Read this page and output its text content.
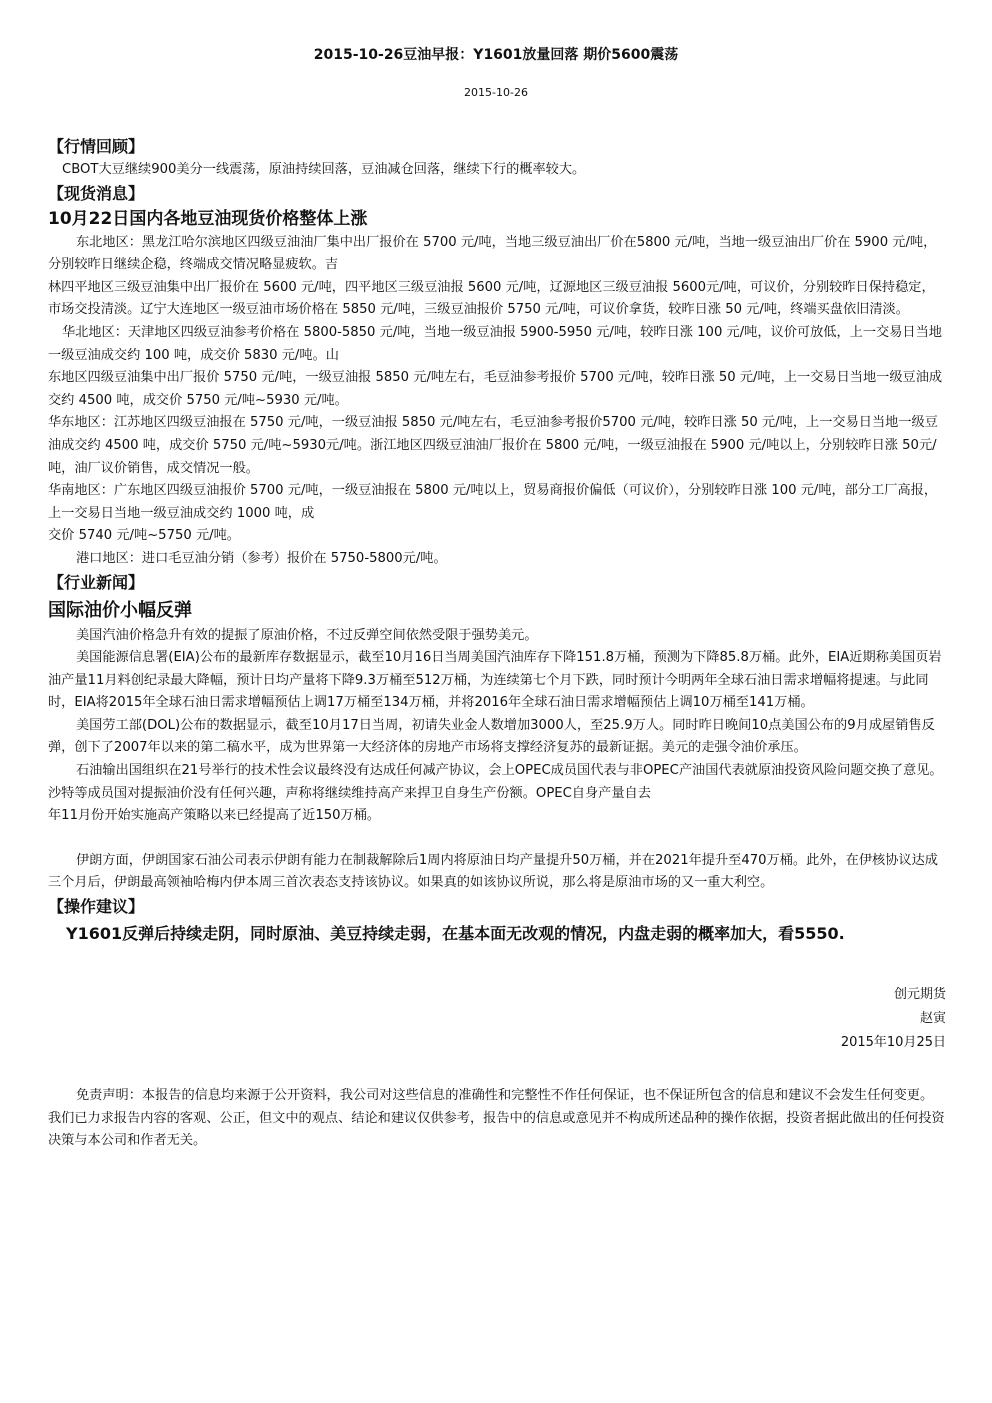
2015-10-26豆油早报：Y1601放量回落 期价5600震荡
2015-10-26
【行情回顾】

CBOT大豆继续900美分一线震荡，原油持续回落，豆油减仓回落，继续下行的概率较大。

【现货消息】
10月22日国内各地豆油现货价格整体上涨

东北地区：黑龙江哈尔滨地区四级豆油油厂集中出厂报价在 5700 元/吨，当地三级豆油出厂价在5800 元/吨，当地一级豆油出厂价在 5900 元/吨，分别较昨日继续企稳，终端成交情况略显疲软。吉

林四平地区三级豆油集中出厂报价在 5600 元/吨，四平地区三级豆油报 5600 元/吨，辽源地区三级豆油报 5600元/吨，可议价，分别较昨日保持稳定，市场交投清淡。辽宁大连地区一级豆油市场价格在 5850 元/吨，三级豆油报价 5750 元/吨，可议价拿货，较昨日涨 50 元/吨，终端买盘依旧清淡。

华北地区：天津地区四级豆油参考价格在 5800-5850 元/吨，当地一级豆油报 5900-5950 元/吨，较昨日涨 100 元/吨，议价可放低，上一交易日当地一级豆油成交约 100 吨，成交价 5830 元/吨。山

东地区四级豆油集中出厂报价 5750 元/吨，一级豆油报 5850 元/吨左右，毛豆油参考报价 5700 元/吨，较昨日涨 50 元/吨，上一交易日当地一级豆油成交约 4500 吨，成交价 5750 元/吨~5930 元/吨。

华东地区：江苏地区四级豆油报在 5750 元/吨，一级豆油报 5850 元/吨左右，毛豆油参考报价5700 元/吨，较昨日涨 50 元/吨，上一交易日当地一级豆油成交约 4500 吨，成交价 5750 元/吨~5930元/吨。浙江地区四级豆油油厂报价在 5800 元/吨，一级豆油报在 5900 元/吨以上，分别较昨日涨 50元/吨，油厂议价销售，成交情况一般。

华南地区：广东地区四级豆油报价 5700 元/吨，一级豆油报在 5800 元/吨以上，贸易商报价偏低（可议价），分别较昨日涨 100 元/吨，部分工厂高报，上一交易日当地一级豆油成交约 1000 吨，成

交价 5740 元/吨~5750 元/吨。

港口地区：进口毛豆油分销（参考）报价在 5750-5800元/吨。

【行业新闻】
国际油价小幅反弹

美国汽油价格急升有效的提振了原油价格，不过反弹空间依然受限于强势美元。

美国能源信息署(EIA)公布的最新库存数据显示，截至10月16日当周美国汽油库存下降151.8万桶，预测为下降85.8万桶。此外，EIA近期称美国页岩油产量11月料创纪录最大降幅，预计日均产量将下降9.3万桶至512万桶，为连续第七个月下跌，同时预计今明两年全球石油日需求增幅将提速。与此同时，EIA将2015年全球石油日需求增幅预估上调17万桶至134万桶，并将2016年全球石油日需求增幅预估上调10万桶至141万桶。

美国劳工部(DOL)公布的数据显示，截至10月17日当周，初请失业金人数增加3000人，至25.9万人。同时昨日晚间10点美国公布的9月成屋销售反弹，创下了2007年以来的第二稿水平，成为世界第一大经济体的房地产市场将支撑经济复苏的最新证据。美元的走强令油价承压。

石油输出国组织在21号举行的技术性会议最终没有达成任何减产协议，会上OPEC成员国代表与非OPEC产油国代表就原油投资风险问题交换了意见。沙特等成员国对提振油价没有任何兴趣，声称将继续维持高产来捍卫自身生产份额。OPEC自身产量自去

年11月份开始实施高产策略以来已经提高了近150万桶。

伊朗方面，伊朗国家石油公司表示伊朗有能力在制裁解除后1周内将原油日均产量提升50万桶，并在2021年提升至470万桶。此外，在伊核协议达成三个月后，伊朗最高领袖哈梅内伊本周三首次表态支持该协议。如果真的如该协议所说，那么将是原油市场的又一重大利空。

【操作建议】

Y1601反弹后持续走阴，同时原油、美豆持续走弱，在基本面无改观的情况，内盘走弱的概率加大，看5550.

创元期货
赵寅
2015年10月25日

免责声明：本报告的信息均来源于公开资料，我公司对这些信息的准确性和完整性不作任何保证，也不保证所包含的信息和建议不会发生任何变更。我们已力求报告内容的客观、公正，但文中的观点、结论和建议仅供参考，报告中的信息或意见并不构成所述品种的操作依据，投资者据此做出的任何投资决策与本公司和作者无关。
